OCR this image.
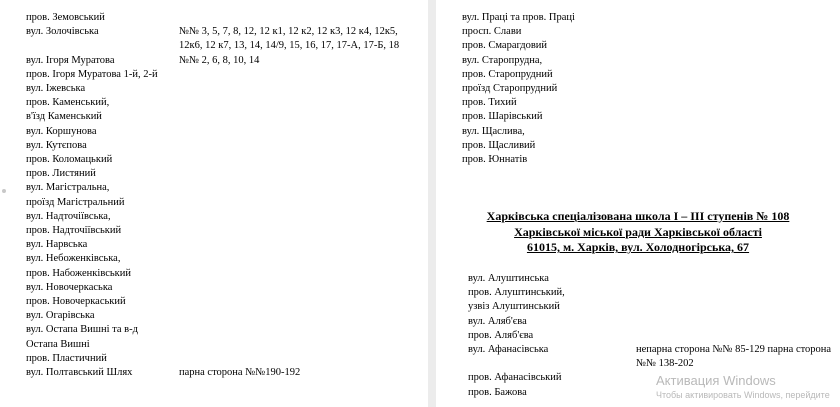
пров. Земовський
вул. Золочівська
вул. Ігоря Муратова
пров. Ігоря Муратова 1-й, 2-й
вул. Іжевська
пров. Каменський,
в'їзд Каменський
вул. Коршунова
вул. Кутєпова
пров. Коломацький
пров. Листяний
вул. Магістральна,
проїзд Магістральний
вул. Надточіївська,
пров. Надточіївський
вул. Нарвська
вул. Небоженківська,
пров. Набоженківський
вул. Новочеркаська
пров. Новочеркаський
вул. Огарівська
вул. Остапа Вишні та в-д
Остапа Вишні
пров. Пластичний
вул. Полтавський Шлях
№№ 3, 5, 7, 8, 12, 12 к1, 12 к2, 12 к3, 12 к4, 12к5,
12к6, 12 к7, 13, 14, 14/9, 15, 16, 17, 17-А, 17-Б, 18
№№ 2, 6, 8, 10, 14
парна сторона №№190-192
вул. Праці та пров. Праці
просп. Слави
пров. Смарагдовий
вул. Старопрудна,
пров. Старопрудний
проїзд Старопрудний
пров. Тихий
пров. Шарівський
вул. Щаслива,
пров. Щасливий
пров. Юннатів
Харківська спеціалізована школа І – ІІІ ступенів № 108
Харківської міської ради Харківської області
61015, м. Харків, вул. Холодногірська, 67
вул. Алуштинська
пров. Алуштинський,
узвіз Алуштинський
вул. Аляб'єва
пров. Аляб'єва
вул. Афанасівська
пров. Афанасівський
пров. Бажова
непарна сторона №№ 85-129 парна сторона
№№ 138-202
Активация Windows
Чтобы активировать Windows, перейдите
